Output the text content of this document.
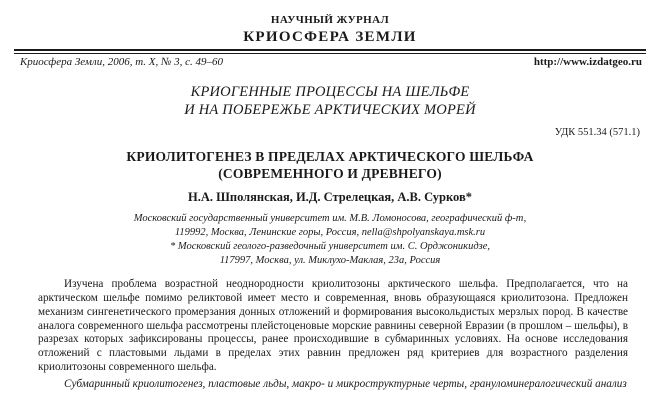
НАУЧНЫЙ ЖУРНАЛ
КРИОСФЕРА ЗЕМЛИ
Криосфера Земли, 2006, т. X, № 3, с. 49–60	http://www.izdatgeo.ru
КРИОГЕННЫЕ ПРОЦЕССЫ НА ШЕЛЬФЕ
И НА ПОБЕРЕЖЬЕ АРКТИЧЕСКИХ МОРЕЙ
УДК 551.34 (571.1)
КРИОЛИТОГЕНЕЗ В ПРЕДЕЛАХ АРКТИЧЕСКОГО ШЕЛЬФА
(СОВРЕМЕННОГО И ДРЕВНЕГО)
Н.А. Шполянская, И.Д. Стрелецкая, А.В. Сурков*
Московский государственный университет им. М.В. Ломоносова, географический ф-т,
119992, Москва, Ленинские горы, Россия, nella@shpolyanskaya.msk.ru
* Московский геолого-разведочный университет им. С. Орджоникидзе,
117997, Москва, ул. Миклухо-Маклая, 23а, Россия
Изучена проблема возрастной неоднородности криолитозоны арктического шельфа. Предполагается, что на арктическом шельфе помимо реликтовой имеет место и современная, вновь образующаяся криолитозона. Предложен механизм сингенетического промерзания донных отложений и формирования высокольдистых мерзлых пород. В качестве аналога современного шельфа рассмотрены плейстоценовые морские равнины северной Евразии (в прошлом – шельфы), в разрезах которых зафиксированы процессы, ранее происходившие в субмаринных условиях. На основе исследования отложений с пластовыми льдами в пределах этих равнин предложен ряд критериев для возрастного разделения криолитозоны современного шельфа.
Субмаринный криолитогенез, пластовые льды, макро- и микроструктурные черты, грануломинералогический анализ
